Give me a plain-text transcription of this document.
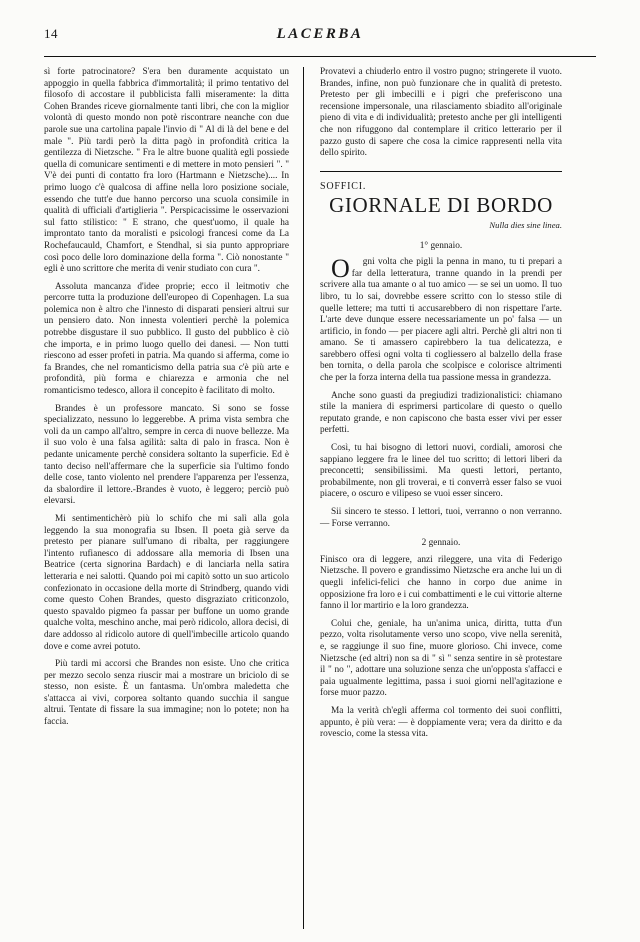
14	LACERBA

sì forte patrocinatore? S'era ben duramente acquistato un appoggio in quella fabbrica d'immortalità; il primo tentativo del filosofo di accostare il pubblicista fallì miseramente: la ditta Cohen Brandes riceve giornalmente tanti libri, che con la miglior volontà di questo mondo non potè riscontrare neanche con due parole sue una cartolina papale l'invio di " Al di là del bene e del male ". Più tardi però la ditta pagò in profondità critica la gentilezza di Nietzsche. " Fra le altre buone qualità egli possiede quella di comunicare sentimenti e di mettere in moto pensieri ". " V'è dei punti di contatto fra loro (Hartmann e Nietzsche).... In primo luogo c'è qualcosa di affine nella loro posizione sociale, essendo che tutt'e due hanno percorso una scuola consimile in qualità di ufficiali d'artiglieria ". Perspicacissime le osservazioni sul fatto stilistico: " E strano, che quest'uomo, il quale ha improntato tanto da moralisti e psicologi francesi come da La Rochefaucauld, Chamfort, e Stendhal, si sia punto appropriare così poco delle loro dominazione della forma ". Ciò nonostante " egli è uno scrittore che merita di venir studiato con cura ".

Assoluta mancanza d'idee proprie; ecco il leitmotiv che percorre tutta la produzione dell'europeo di Copenhagen. La sua polemica non è altro che l'innesto di disparati pensieri altrui sur un pensiero dato. Non innesta volentieri perchè la polemica potrebbe disgustare il suo pubblico. Il gusto del pubblico è ciò che importa, e in primo luogo quello dei danesi. — Non tutti riescono ad esser profeti in patria. Ma quando si afferma, come io fa Brandes, che nel romanticismo della patria sua c'è più arte e profondità, più forma e chiarezza e armonia che nel romanticismo tedesco, allora il concepito è facilitato di molto.

Brandes è un professore mancato. Si sono se fosse specializzato, nessuno lo leggerebbe. A prima vista sembra che voli da un campo all'altro, sempre in cerca di nuove bellezze. Ma il suo volo è una falsa agilità: salta di palo in frasca. Non è pedante unicamente perchè considera soltanto la superficie. Ed è tanto deciso nell'affermare che la superficie sia l'ultimo fondo delle cose, tanto violento nel prendere l'apparenza per l'essenza, da sbalordire il lettore.-Brandes è vuoto, è leggero; perciò può elevarsi.

Mi sentimentichèrò più lo schifo che mi salì alla gola leggendo la sua monografia su Ibsen. Il poeta già serve da pretesto per pianare sull'umano di ribalta, per raggiungere l'intento rufianesco di addossare alla memoria di Ibsen una Beatrice (certa signorina Bardach) e di lanciarla nella satira letteraria e nei salotti. Quando poi mi capitò sotto un suo articolo confezionato in occasione della morte di Strindberg, quando vidi come questo Cohen Brandes, questo disgraziato criticonzolo, questo spavaldo pigmeo fa passar per buffone un uomo grande qualche volta, meschino anche, mai però ridicolo, allora decisi, di dare addosso al ridicolo autore di quell'imbecille articolo quando dove e come avrei potuto.

Più tardi mi accorsi che Brandes non esiste. Uno che critica per mezzo secolo senza riuscir mai a mostrare un briciolo di se stesso, non esiste. È un fantasma. Un'ombra maledetta che s'attacca ai vivi, corporea soltanto quando succhia il sangue altrui. Tentate di fissare la sua immagine; non lo potete; non ha faccia.

Provatevi a chiuderlo entro il vostro pugno; stringerete il vuoto. Brandes, infine, non può funzionare che in qualità di pretesto. Pretesto per gli imbecilli e i pigri che preferiscono una recensione impersonale, una rilasciamento sbiadito all'originale pieno di vita e di individualità; pretesto anche per gli intelligenti che non rifuggono dal contemplare il critico letterario per il pazzo gusto di sapere che cosa la cimice rappresenti nella vita dello spirito.

SOFFICI.
GIORNALE DI BORDO
Nulla dies sine linea.
1° gennaio.

O gni volta che pigli la penna in mano, tu ti prepari a far della letteratura, tranne quando in la prendi per scrivere alla tua amante o al tuo amico — se sei un uomo. Il tuo libro, tu lo sai, dovrebbe essere scritto con lo stesso stile di quelle lettere; ma tutti ti accusarebbero di non rispettare l'arte. L'arte deve dunque essere necessariamente un po' falsa — un artificio, in fondo — per piacere agli altri. Perchè gli altri non ti amano. Se ti amassero capirebbero la tua delicatezza, e sarebbero offesi ogni volta ti cogliessero al balzello della frase ben tornita, o della parola che scolpisce e colorisce altrimenti che per la forza interna della tua passione messa in grandezza.

Anche sono guasti da pregiudizi tradizionalistici: chiamano stile la maniera di esprimersi particolare di questo o quello reputato grande, e non capiscono che basta esser vivi per esser perfetti.

Così, tu hai bisogno di lettori nuovi, cordiali, amorosi che sappiano leggere fra le linee del tuo scritto; di lettori liberi da preconcetti; sensibilissimi. Ma questi lettori, pertanto, probabilmente, non gli troverai, e ti converrà esser falso se vuoi piacere, o oscuro e vilipeso se vuoi esser sincero.

Sii sincero te stesso. I lettori, tuoi, verranno o non verranno. — Forse verranno.

2 gennaio.

Finisco ora di leggere, anzi rileggere, una vita di Federigo Nietzsche. Il povero e grandissimo Nietzsche era anche lui un di quegli infelici-felici che hanno in corpo due anime in opposizione fra loro e i cui combattimenti e le cui vittorie alterne fanno il lor martirio e la loro grandezza.

Colui che, geniale, ha un'anima unica, diritta, tutta d'un pezzo, volta risolutamente verso uno scopo, vive nella serenità, e, se raggiunge il suo fine, muore glorioso. Chi invece, come Nietzsche (ed altri) non sa di " sì " senza sentire in sè protestare il " no ", adottare una soluzione senza che un'opposta s'affacci e paia ugualmente legittima, passa i suoi giorni nell'agitazione e forse muor pazzo.

Ma la verità ch'egli afferma col tormento dei suoi conflitti, appunto, è più vera: — è doppiamente vera; vera da diritto e da rovescio, come la stessa vita.
